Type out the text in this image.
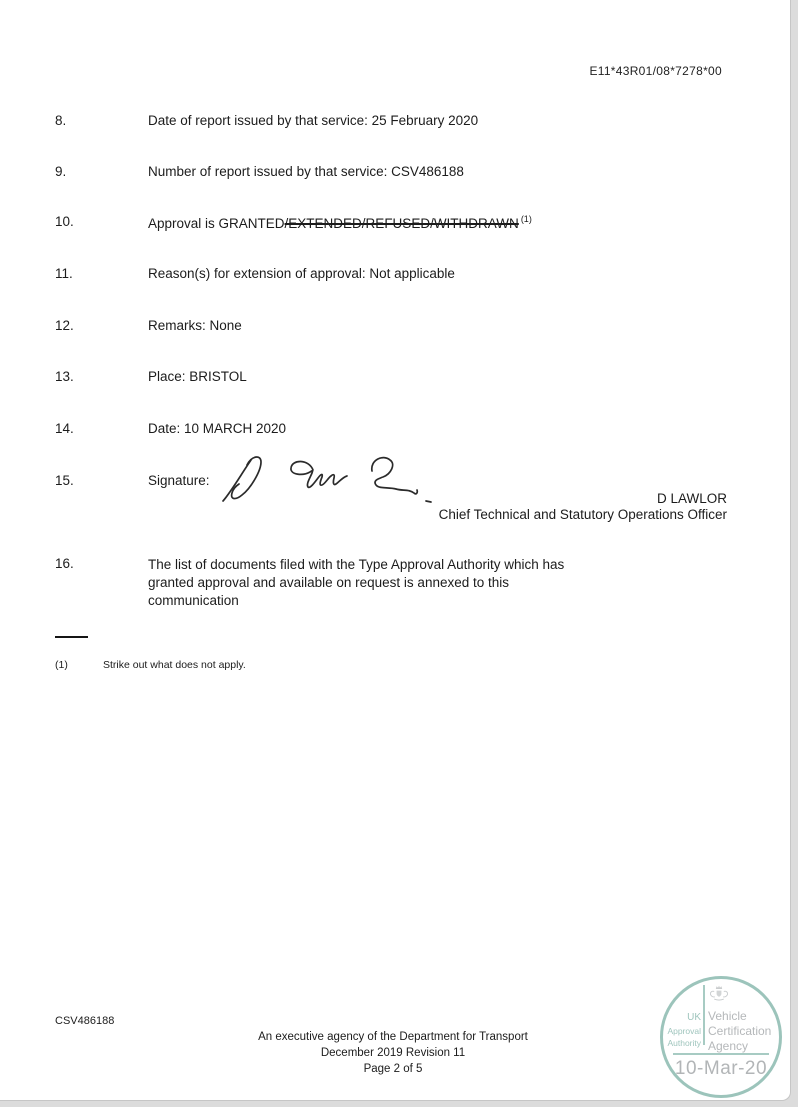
E11*43R01/08*7278*00
8.	Date of report issued by that service: 25 February 2020
9.	Number of report issued by that service: CSV486188
10.	Approval is GRANTED/EXTENDED/REFUSED/WITHDRAWN $^{(1)}$
11.	Reason(s) for extension of approval: Not applicable
12.	Remarks: None
13.	Place: BRISTOL
14.	Date: 10 MARCH 2020
15.	Signature:
D LAWLOR
Chief Technical and Statutory Operations Officer
16.	The list of documents filed with the Type Approval Authority which has granted approval and available on request is annexed to this communication
(1)	Strike out what does not apply.
CSV486188
An executive agency of the Department for Transport
December 2019 Revision 11
Page 2 of 5
UK
Approval
Authority
Vehicle
Certification
Agency
10-Mar-20
